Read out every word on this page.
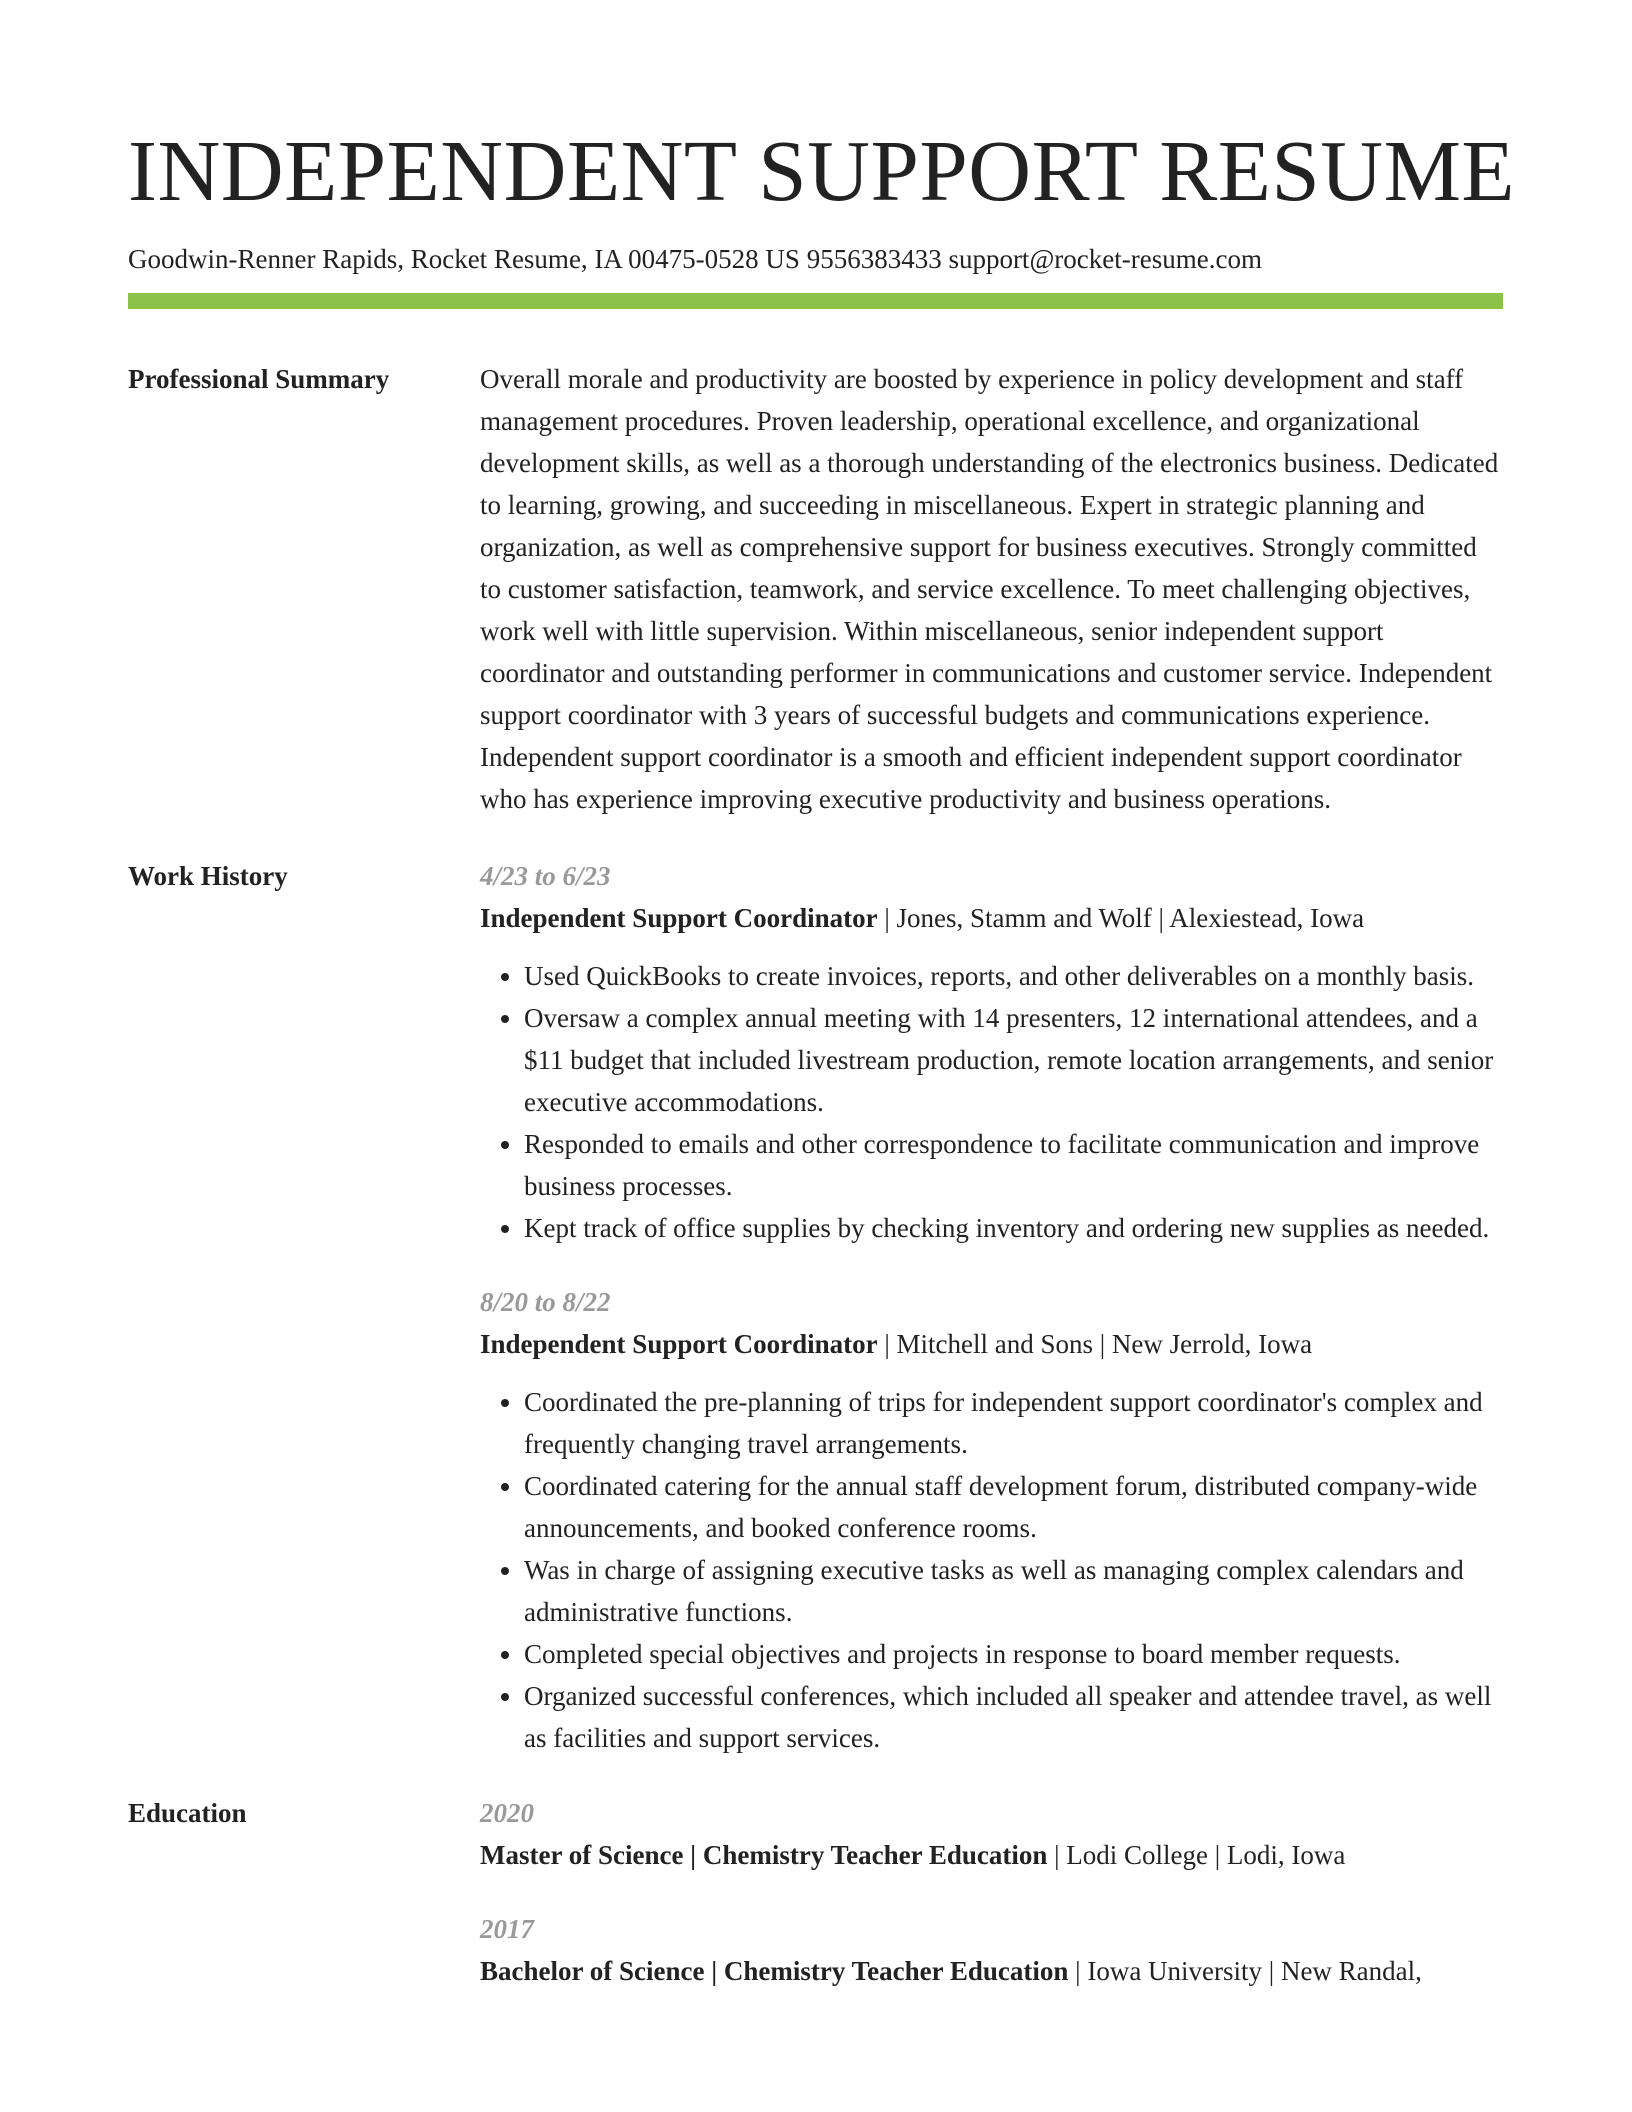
INDEPENDENT SUPPORT RESUME
Goodwin-Renner Rapids, Rocket Resume, IA 00475-0528 US 9556383433 support@rocket-resume.com
Professional Summary	Overall morale and productivity are boosted by experience in policy development and staff management procedures. Proven leadership, operational excellence, and organizational development skills, as well as a thorough understanding of the electronics business. Dedicated to learning, growing, and succeeding in miscellaneous. Expert in strategic planning and organization, as well as comprehensive support for business executives. Strongly committed to customer satisfaction, teamwork, and service excellence. To meet challenging objectives, work well with little supervision. Within miscellaneous, senior independent support coordinator and outstanding performer in communications and customer service. Independent support coordinator with 3 years of successful budgets and communications experience. Independent support coordinator is a smooth and efficient independent support coordinator who has experience improving executive productivity and business operations.
Work History	4/23 to 6/23
Independent Support Coordinator | Jones, Stamm and Wolf | Alexiestead, Iowa
• Used QuickBooks to create invoices, reports, and other deliverables on a monthly basis.
• Oversaw a complex annual meeting with 14 presenters, 12 international attendees, and a $11 budget that included livestream production, remote location arrangements, and senior executive accommodations.
• Responded to emails and other correspondence to facilitate communication and improve business processes.
• Kept track of office supplies by checking inventory and ordering new supplies as needed.
8/20 to 8/22
Independent Support Coordinator | Mitchell and Sons | New Jerrold, Iowa
• Coordinated the pre-planning of trips for independent support coordinator's complex and frequently changing travel arrangements.
• Coordinated catering for the annual staff development forum, distributed company-wide announcements, and booked conference rooms.
• Was in charge of assigning executive tasks as well as managing complex calendars and administrative functions.
• Completed special objectives and projects in response to board member requests.
• Organized successful conferences, which included all speaker and attendee travel, as well as facilities and support services.
Education	2020
Master of Science | Chemistry Teacher Education | Lodi College | Lodi, Iowa
2017
Bachelor of Science | Chemistry Teacher Education | Iowa University | New Randal,
